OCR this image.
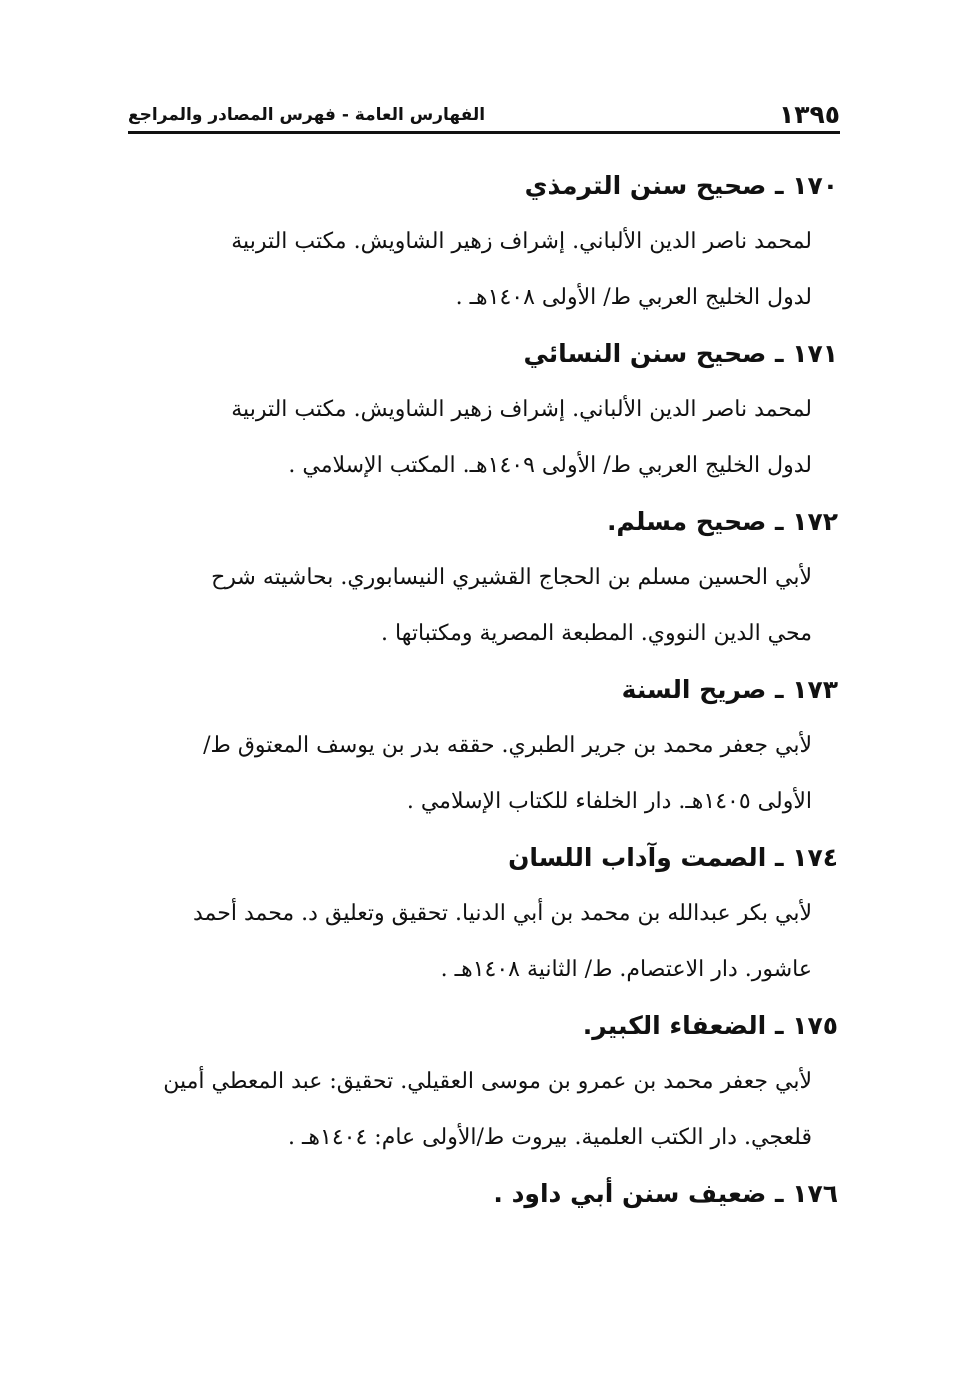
١٣٩٥
الفهارس العامة - فهرس المصادر والمراجع
١٧٠ ـ صحيح سنن الترمذي

لمحمد ناصر الدين الألباني. إشراف زهير الشاويش. مكتب التربية
لدول الخليج العربي ط/ الأولى ١٤٠٨هـ .

١٧١ ـ صحيح سنن النسائي

لمحمد ناصر الدين الألباني. إشراف زهير الشاويش. مكتب التربية
لدول الخليج العربي ط/ الأولى ١٤٠٩هـ. المكتب الإسلامي .

١٧٢ ـ صحيح مسلم.

لأبي الحسين مسلم بن الحجاج القشيري النيسابوري. بحاشيته شرح
محي الدين النووي. المطبعة المصرية ومكتباتها .

١٧٣ ـ صريح السنة

لأبي جعفر محمد بن جرير الطبري. حققه بدر بن يوسف المعتوق ط/
الأولى ١٤٠٥هـ. دار الخلفاء للكتاب الإسلامي .

١٧٤ ـ الصمت وآداب اللسان

لأبي بكر عبدالله بن محمد بن أبي الدنيا. تحقيق وتعليق د. محمد أحمد
عاشور. دار الاعتصام. ط/ الثانية ١٤٠٨هـ .

١٧٥ ـ الضعفاء الكبير.

لأبي جعفر محمد بن عمرو بن موسى العقيلي. تحقيق: عبد المعطي أمين
قلعجي. دار الكتب العلمية. بيروت ط/الأولى عام: ١٤٠٤هـ .

١٧٦ ـ ضعيف سنن أبي داود .
